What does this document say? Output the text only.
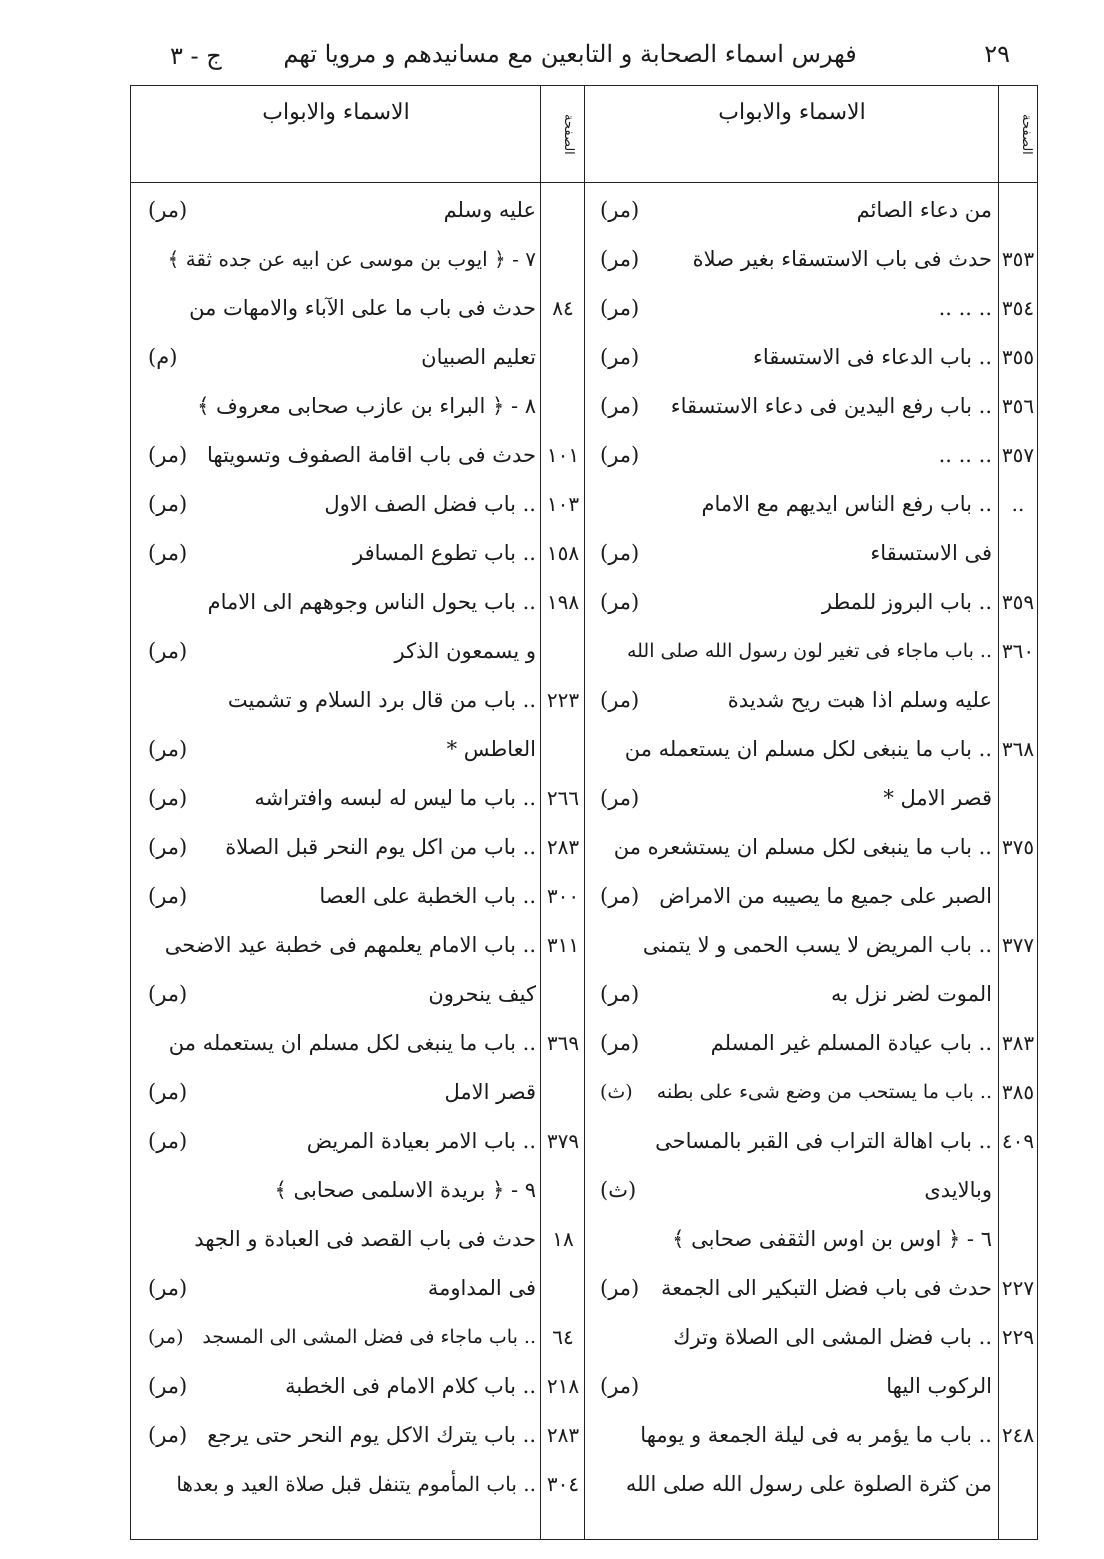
٢٩
فهرس اسماء الصحابة و التابعين مع مسانيدهم و مرويا تهم
ج - ٣
الصفحة
الاسماء والابواب
الصفحة
الاسماء والابواب
من دعاء الصائم
(مر)
٣٥٣
حدث فی باب الاستسقاء بغیر صلاة
(مر)
٣٥٤
.. .. ..
(مر)
٣٥٥
.. باب الدعاء فی الاستسقاء
(مر)
٣٥٦
.. باب رفع الیدین فی دعاء الاستسقاء
(مر)
٣٥٧
.. .. ..
(مر)
..
.. باب رفع الناس ایدیهم مع الامام
فی الاستسقاء
(مر)
٣٥٩
.. باب البروز للمطر
(مر)
٣٦٠
.. باب ماجاء فی تغیر لون رسول الله صلی الله
علیه وسلم اذا هبت ریح شدیدة
(مر)
٣٦٨
.. باب ما ینبغی لکل مسلم ان یستعمله من
قصر الامل *
(مر)
٣٧٥
.. باب ما ینبغی لکل مسلم ان یستشعره من
الصبر علی جمیع ما یصیبه من الامراض
(مر)
٣٧٧
.. باب المریض لا یسب الحمی و لا یتمنی
الموت لضر نزل به
(مر)
٣٨٣
.. باب عیادة المسلم غیر المسلم
(مر)
٣٨٥
.. باب ما یستحب من وضع شیء علی بطنه
(ث)
٤٠٩
.. باب اهالة التراب فی القبر بالمساحی
وبالایدی
(ث)
٦ - ﴿ اوس بن اوس الثقفی صحابی ﴾
٢٢٧
حدث فی باب فضل التبکیر الی الجمعة
(مر)
٢٢٩
.. باب فضل المشی الی الصلاة وترك
الرکوب الیها
(مر)
٢٤٨
.. باب ما یؤمر به فی لیلة الجمعة و یومها
من کثرة الصلوة علی رسول الله صلی الله
علیه وسلم
(مر)
٧ - ﴿ ایوب بن موسی عن ابیه عن جده ثقة ﴾
٨٤
حدث فی باب ما علی الآباء والامهات من
تعلیم الصبیان
(م)
٨ - ﴿ البراء بن عازب صحابی معروف ﴾
١٠١
حدث فی باب اقامة الصفوف وتسویتها
(مر)
١٠٣
.. باب فضل الصف الاول
(مر)
١٥٨
.. باب تطوع المسافر
(مر)
١٩٨
.. باب یحول الناس وجوههم الی الامام
و یسمعون الذکر
(مر)
٢٢٣
.. باب من قال برد السلام و تشمیت
العاطس *
(مر)
٢٦٦
.. باب ما لیس له لبسه وافتراشه
(مر)
٢٨٣
.. باب من اکل یوم النحر قبل الصلاة
(مر)
٣٠٠
.. باب الخطبة علی العصا
(مر)
٣١١
.. باب الامام یعلمهم فی خطبة عید الاضحی
کیف ینحرون
(مر)
٣٦٩
.. باب ما ینبغی لکل مسلم ان یستعمله من
قصر الامل
(مر)
٣٧٩
.. باب الامر بعیادة المریض
(مر)
٩ - ﴿ بریدة الاسلمی صحابی ﴾
١٨
حدث فی باب القصد فی العبادة و الجهد
فی المداومة
(مر)
٦٤
.. باب ماجاء فی فضل المشی الی المسجد
(مر)
٢١٨
.. باب کلام الامام فی الخطبة
(مر)
٢٨٣
.. باب یترك الاکل یوم النحر حتی یرجع
(مر)
٣٠٤
.. باب المأموم یتنفل قبل صلاة العید و بعدها
